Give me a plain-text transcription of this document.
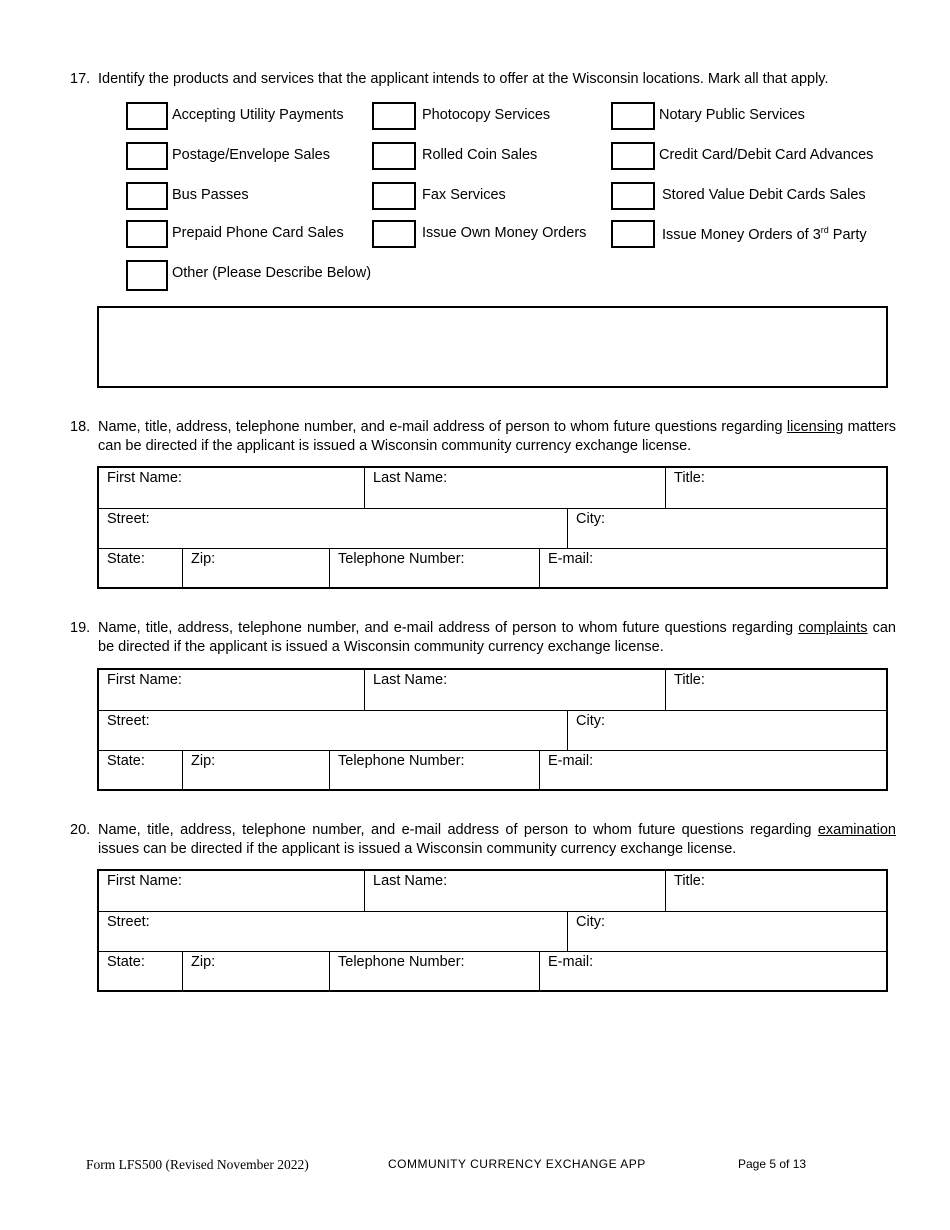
17. Identify the products and services that the applicant intends to offer at the Wisconsin locations. Mark all that apply.
Accepting Utility Payments	Photocopy Services	Notary Public Services
Postage/Envelope Sales	Rolled Coin Sales	Credit Card/Debit Card Advances
Bus Passes	Fax Services	Stored Value Debit Cards Sales
Prepaid Phone Card Sales	Issue Own Money Orders	Issue Money Orders of 3rd Party
Other (Please Describe Below)
18. Name, title, address, telephone number, and e-mail address of person to whom future questions regarding licensing matters can be directed if the applicant is issued a Wisconsin community currency exchange license.
First Name:	Last Name:	Title:
Street:	City:
State:	Zip:	Telephone Number:	E-mail:
19. Name, title, address, telephone number, and e-mail address of person to whom future questions regarding complaints can be directed if the applicant is issued a Wisconsin community currency exchange license.
First Name:	Last Name:	Title:
Street:	City:
State:	Zip:	Telephone Number:	E-mail:
20. Name, title, address, telephone number, and e-mail address of person to whom future questions regarding examination issues can be directed if the applicant is issued a Wisconsin community currency exchange license.
First Name:	Last Name:	Title:
Street:	City:
State:	Zip:	Telephone Number:	E-mail:
Form LFS500 (Revised November 2022)	COMMUNITY CURRENCY EXCHANGE APP	Page 5 of 13
